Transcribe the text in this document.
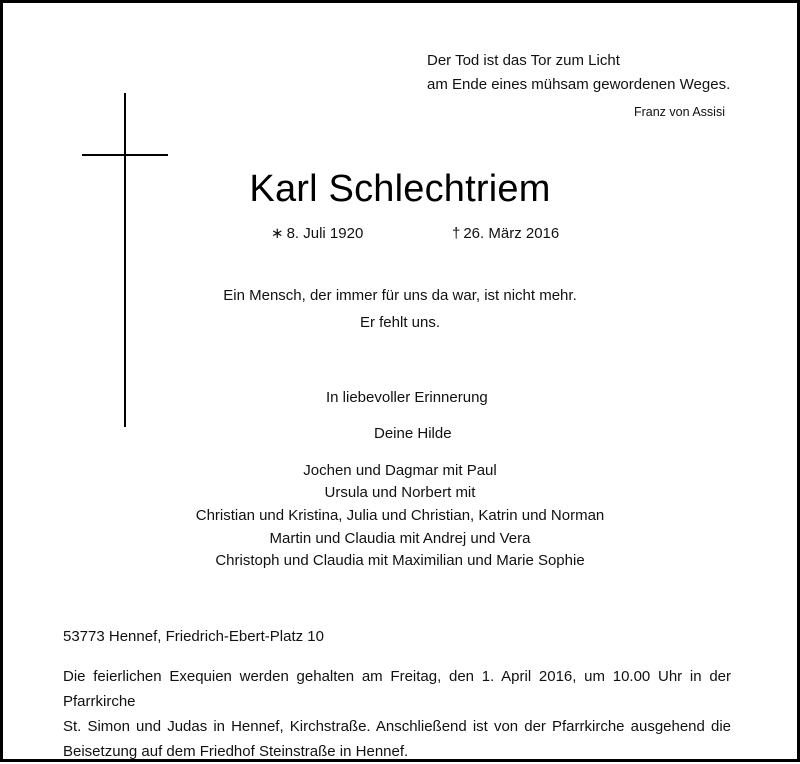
Der Tod ist das Tor zum Licht
am Ende eines mühsam gewordenen Weges.
Franz von Assisi
Karl Schlechtriem
∗ 8. Juli 1920	† 26. März 2016
Ein Mensch, der immer für uns da war, ist nicht mehr.
Er fehlt uns.
In liebevoller Erinnerung
Deine Hilde
Jochen und Dagmar mit Paul
Ursula und Norbert mit
Christian und Kristina, Julia und Christian, Katrin und Norman
Martin und Claudia mit Andrej und Vera
Christoph und Claudia mit Maximilian und Marie Sophie
53773 Hennef, Friedrich-Ebert-Platz 10
Die feierlichen Exequien werden gehalten am Freitag, den 1. April 2016, um 10.00 Uhr in der Pfarrkirche
St. Simon und Judas in Hennef, Kirchstraße. Anschließend ist von der Pfarrkirche ausgehend die
Beisetzung auf dem Friedhof Steinstraße in Hennef.
